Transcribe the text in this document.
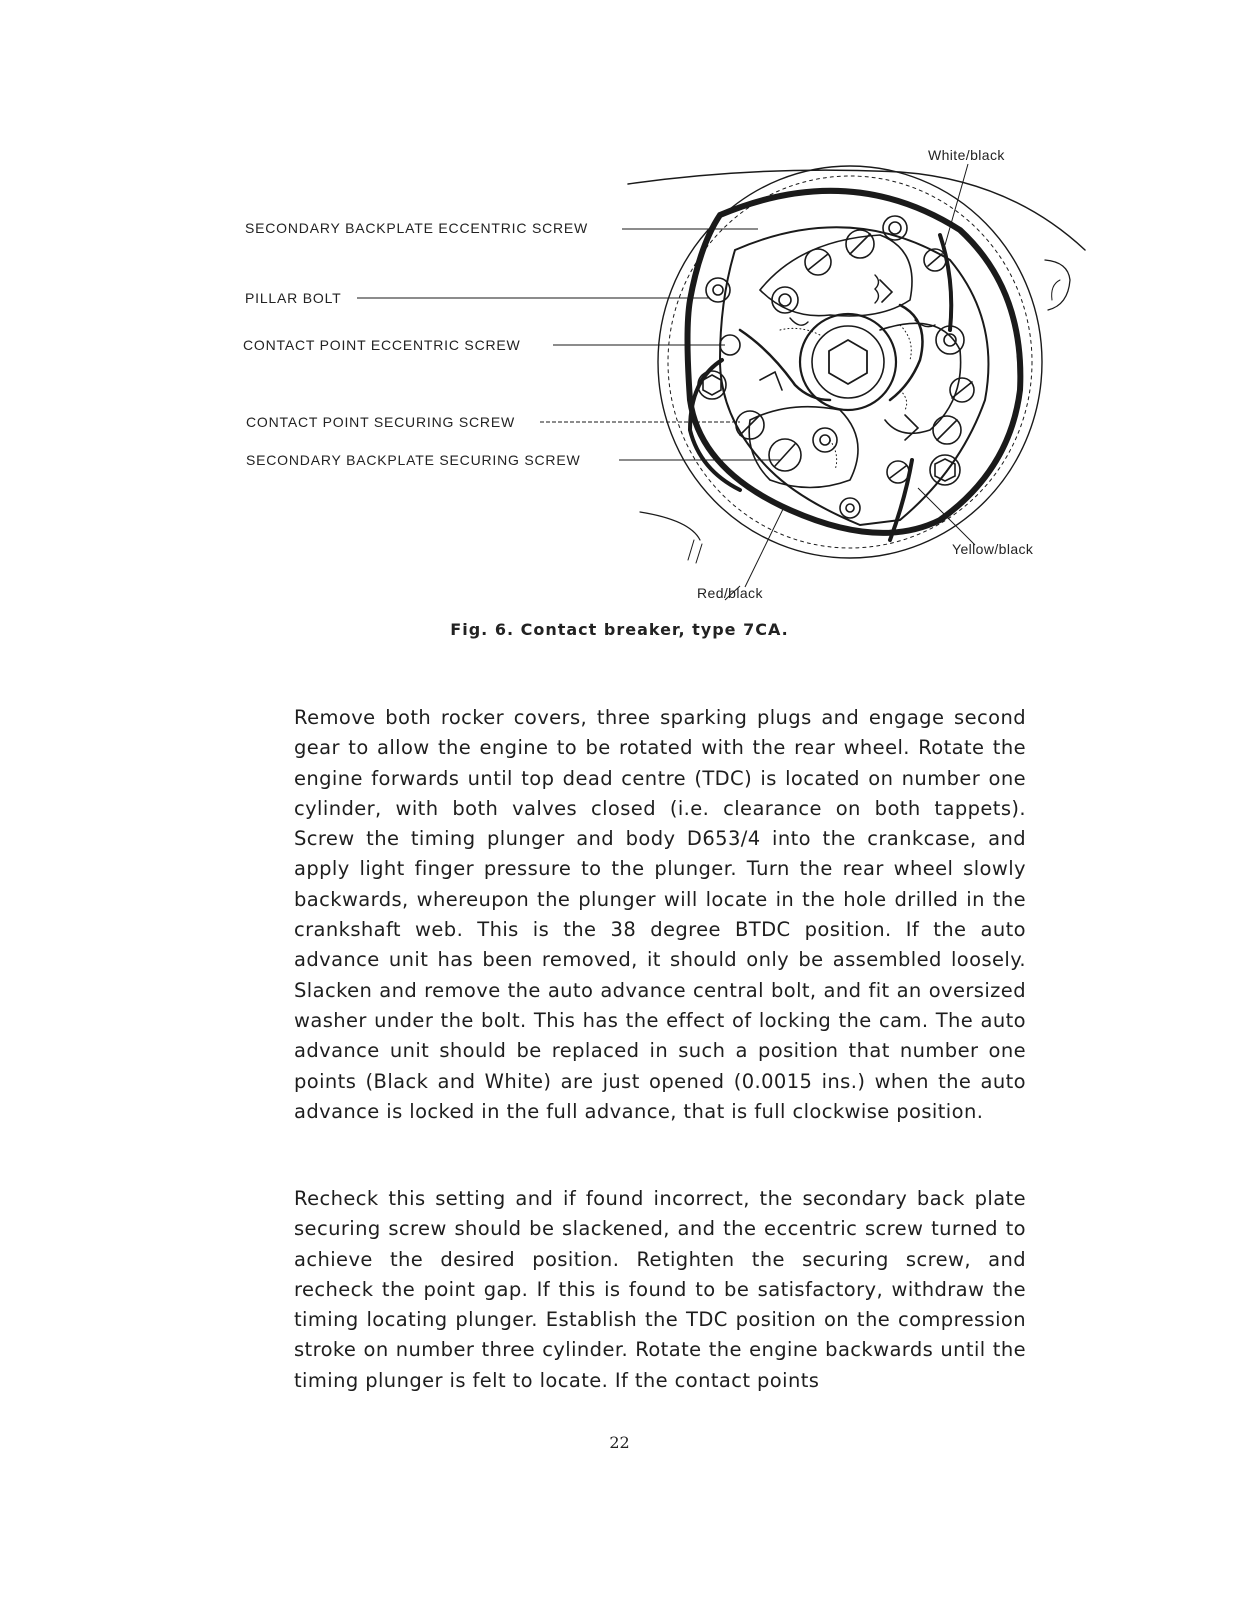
SECONDARY BACKPLATE ECCENTRIC SCREW
PILLAR BOLT
CONTACT POINT ECCENTRIC SCREW
CONTACT POINT SECURING SCREW
SECONDARY BACKPLATE SECURING SCREW
White/black
Yellow/black
Red/black
Fig. 6. Contact breaker, type 7CA.

Remove both rocker covers, three sparking plugs and engage second gear to allow the engine to be rotated with the rear wheel. Rotate the engine forwards until top dead centre (TDC) is located on number one cylinder, with both valves closed (i.e. clearance on both tappets). Screw the timing plunger and body D653/4 into the crankcase, and apply light finger pressure to the plunger. Turn the rear wheel slowly backwards, whereupon the plunger will locate in the hole drilled in the crankshaft web. This is the 38 degree BTDC position. If the auto advance unit has been removed, it should only be assembled loosely. Slacken and remove the auto advance central bolt, and fit an oversized washer under the bolt. This has the effect of locking the cam. The auto advance unit should be replaced in such a position that number one points (Black and White) are just opened (0.0015 ins.) when the auto advance is locked in the full advance, that is full clockwise position.

Recheck this setting and if found incorrect, the secondary back plate securing screw should be slackened, and the eccentric screw turned to achieve the desired position. Retighten the securing screw, and recheck the point gap. If this is found to be satisfactory, withdraw the timing locating plunger. Establish the TDC position on the compression stroke on number three cylinder. Rotate the engine backwards until the timing plunger is felt to locate. If the contact points

22
